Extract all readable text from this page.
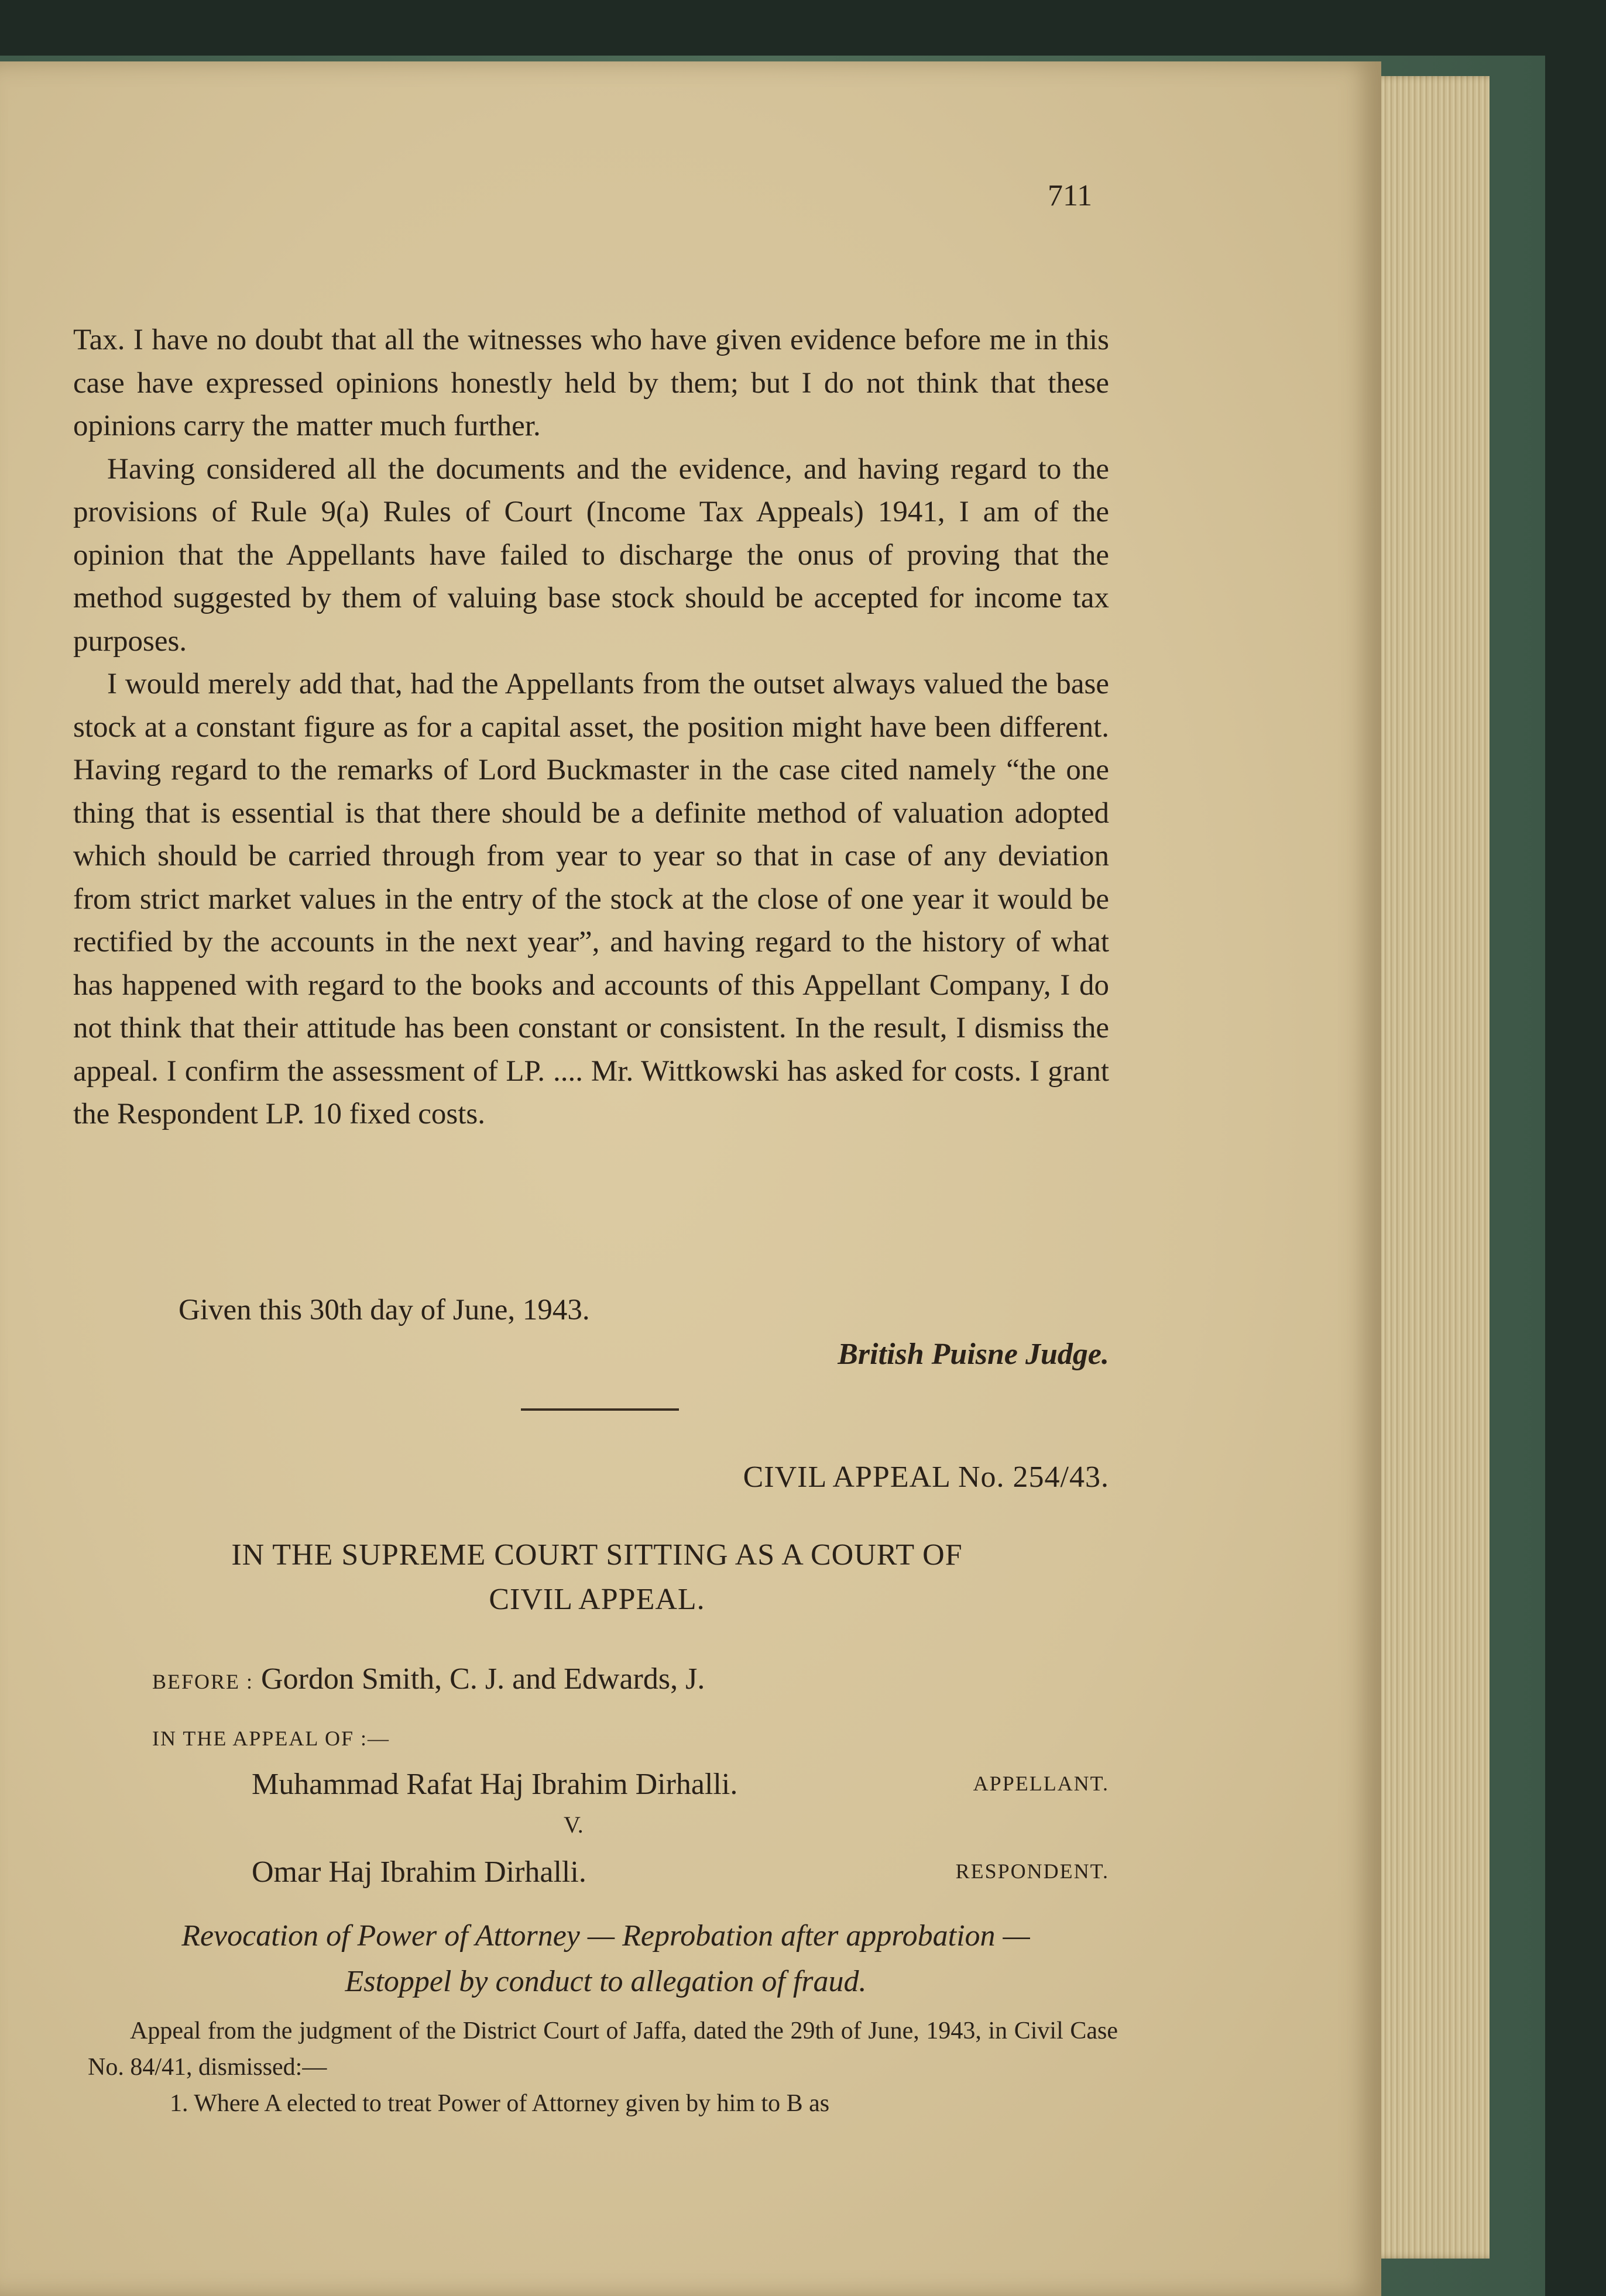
711

Tax. I have no doubt that all the witnesses who have given evidence before me in this case have expressed opinions honestly held by them; but I do not think that these opinions carry the matter much further.

Having considered all the documents and the evidence, and having regard to the provisions of Rule 9(a) Rules of Court (Income Tax Appeals) 1941, I am of the opinion that the Appellants have failed to discharge the onus of proving that the method suggested by them of valuing base stock should be accepted for income tax purposes.

I would merely add that, had the Appellants from the outset always valued the base stock at a constant figure as for a capital asset, the position might have been different. Having regard to the remarks of Lord Buckmaster in the case cited namely “the one thing that is essential is that there should be a definite method of valuation adopted which should be carried through from year to year so that in case of any deviation from strict market values in the entry of the stock at the close of one year it would be rectified by the accounts in the next year”, and having regard to the history of what has happened with regard to the books and accounts of this Appellant Company, I do not think that their attitude has been constant or consistent. In the result, I dismiss the appeal. I confirm the assessment of LP. .... Mr. Wittkowski has asked for costs. I grant the Respondent LP. 10 fixed costs.

Given this 30th day of June, 1943.
British Puisne Judge.
CIVIL APPEAL No. 254/43.
IN THE SUPREME COURT SITTING AS A COURT OF
CIVIL APPEAL.
BEFORE : Gordon Smith, C. J. and Edwards, J.
IN THE APPEAL OF :—
Muhammad Rafat Haj Ibrahim Dirhalli.	APPELLANT.
V.
Omar Haj Ibrahim Dirhalli.	RESPONDENT.
Revocation of Power of Attorney — Reprobation after approbation —
Estoppel by conduct to allegation of fraud.

Appeal from the judgment of the District Court of Jaffa, dated the 29th of June, 1943, in Civil Case No. 84/41, dismissed:—

1. Where A elected to treat Power of Attorney given by him to B as
